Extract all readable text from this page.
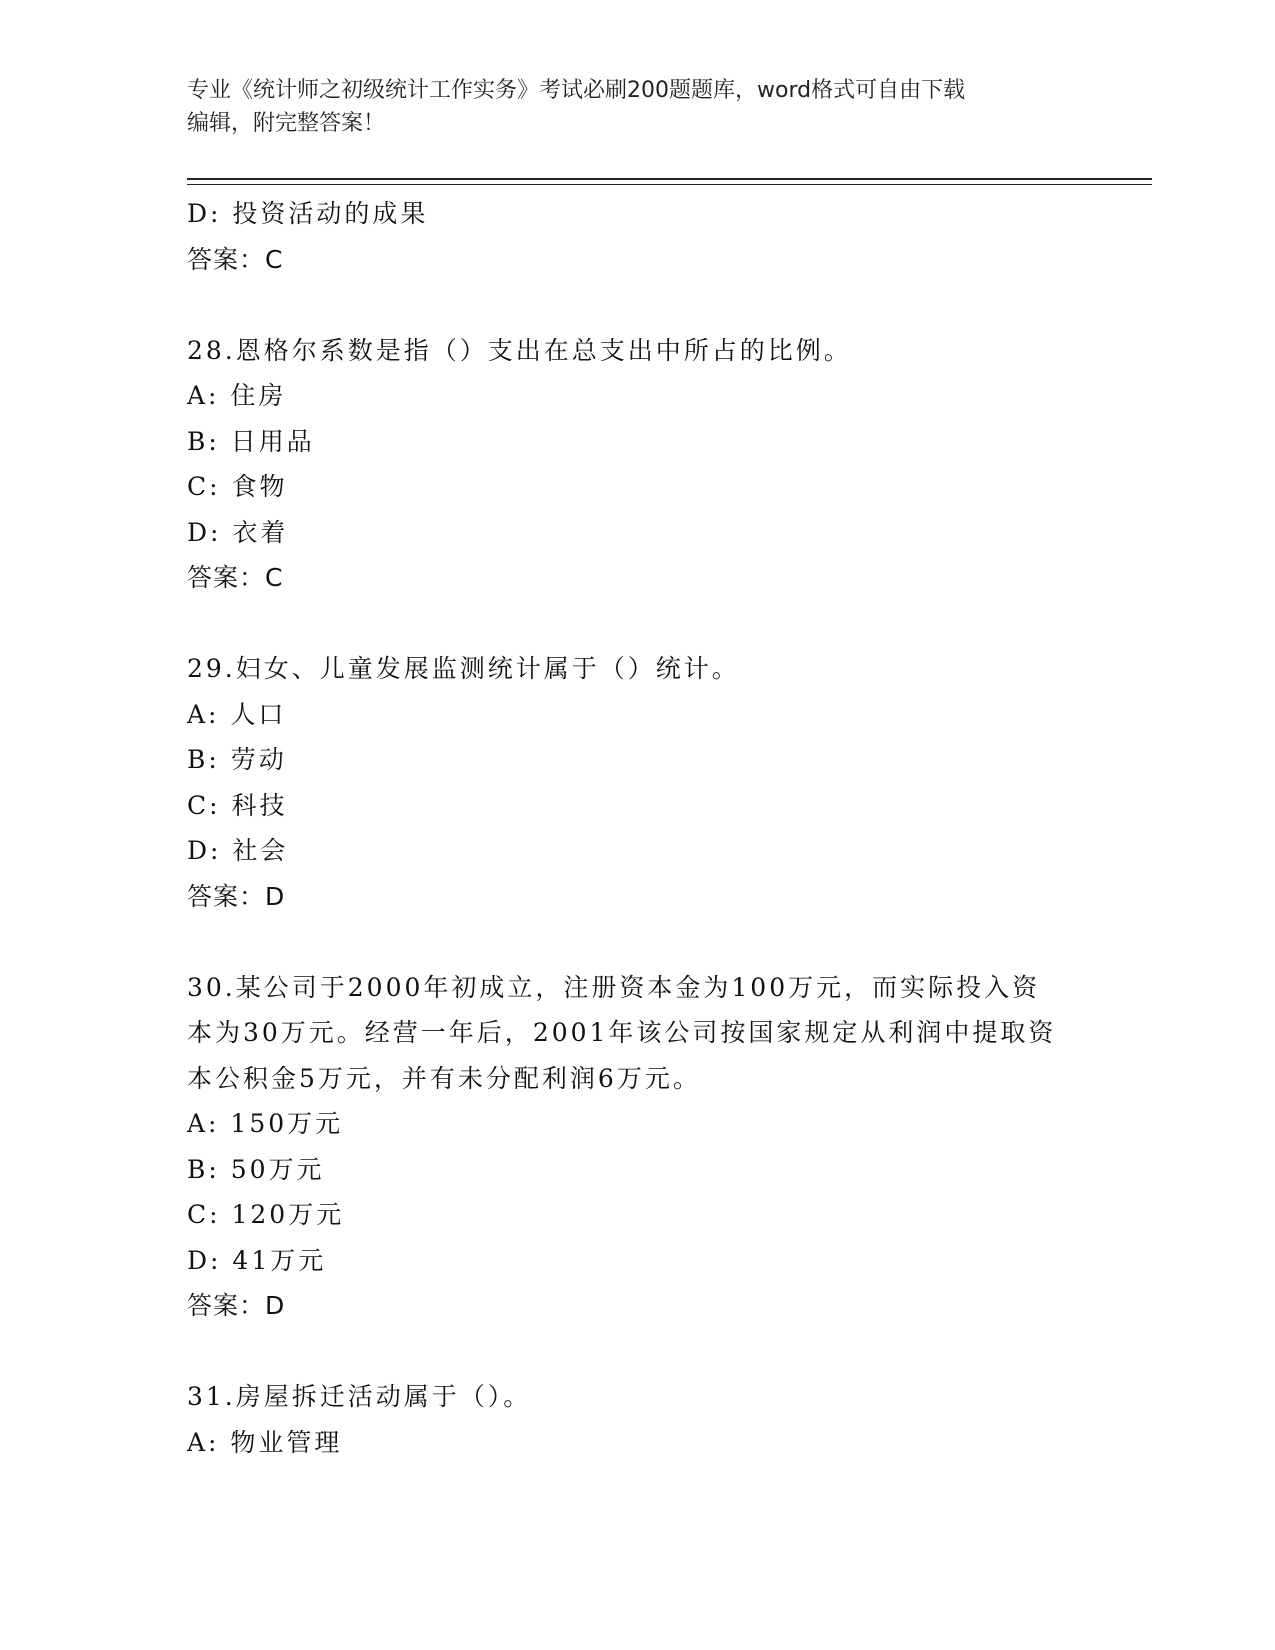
专业《统计师之初级统计工作实务》考试必刷200题题库，word格式可自由下载
编辑，附完整答案！
D: 投资活动的成果
答案：C
28.恩格尔系数是指（）支出在总支出中所占的比例。
A: 住房
B: 日用品
C: 食物
D: 衣着
答案：C
29.妇女、儿童发展监测统计属于（）统计。
A: 人口
B: 劳动
C: 科技
D: 社会
答案：D
30.某公司于2000年初成立，注册资本金为100万元，而实际投入资
本为30万元。经营一年后，2001年该公司按国家规定从利润中提取资
本公积金5万元，并有未分配利润6万元。
A: 150万元
B: 50万元
C: 120万元
D: 41万元
答案：D
31.房屋拆迁活动属于（）。
A: 物业管理
